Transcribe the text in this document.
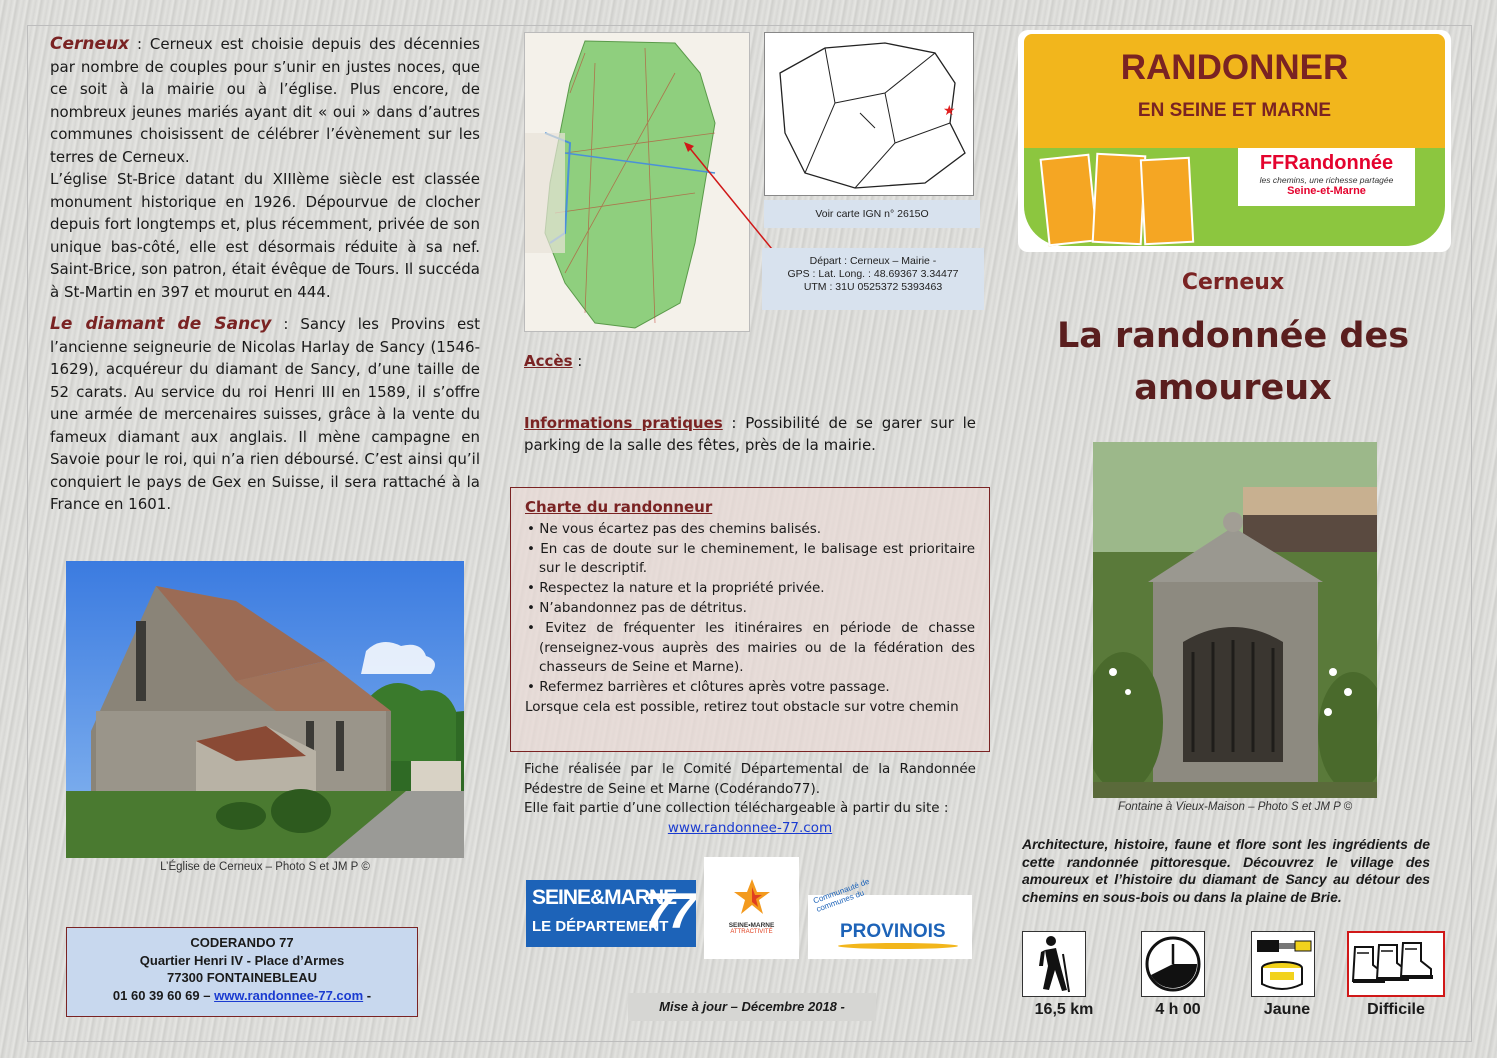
Cerneux : Cerneux est choisie depuis des décennies par nombre de couples pour s’unir en justes noces, que ce soit à la mairie ou à l’église. Plus encore, de nombreux jeunes mariés ayant dit « oui » dans d’autres communes choisissent de célébrer l’évènement sur les terres de Cerneux.

L’église St-Brice datant du XIIIème siècle est classée monument historique en 1926. Dépourvue de clocher depuis fort longtemps et, plus récemment, privée de son unique bas-côté, elle est désormais réduite à sa nef. Saint-Brice, son patron, était évêque de Tours. Il succéda à St-Martin en 397 et mourut en 444.

Le diamant de Sancy : Sancy les Provins est l’ancienne seigneurie de Nicolas Harlay de Sancy (1546-1629), acquéreur du diamant de Sancy, d’une taille de 52 carats. Au service du roi Henri III en 1589, il s’offre une armée de mercenaires suisses, grâce à la vente du fameux diamant aux anglais. Il mène campagne en Savoie pour le roi, qui n’a rien déboursé. C’est ainsi qu’il conquiert le pays de Gex en Suisse, il sera rattaché à la France en 1601.

L’Église de Cerneux – Photo S et JM P ©
CODERANDO 77
Quartier Henri IV - Place d’Armes
77300 FONTAINEBLEAU
01 60 39 60 69 – www.randonnee-77.com -
★
Voir carte IGN n° 2615O
Départ : Cerneux – Mairie -
GPS : Lat. Long. : 48.69367 3.34477
UTM : 31U 0525372 5393463
Accès :
Informations pratiques : Possibilité de se garer sur le parking de la salle des fêtes, près de la mairie.
Charte du randonneur
• Ne vous écartez pas des chemins balisés.
• En cas de doute sur le cheminement, le balisage est prioritaire sur le descriptif.
• Respectez la nature et la propriété privée.
• N’abandonnez pas de détritus.
• Evitez de fréquenter les itinéraires en période de chasse (renseignez-vous auprès des mairies ou de la fédération des chasseurs de Seine et Marne).
• Refermez barrières et clôtures après votre passage.
Lorsque cela est possible, retirez tout obstacle sur votre chemin
Fiche réalisée par le Comité Départemental de la Randonnée Pédestre de Seine et Marne (Codérando77).
Elle fait partie d’une collection téléchargeable à partir du site :
www.randonnee-77.com
SEINE&MARNE
LE DÉPARTEMENT
77	SEINE•MARNE
ATTRACTIVITÉ
Communauté de communes du
PROVINOIS
Mise à jour – Décembre 2018 -
RANDONNER
EN SEINE ET MARNE
FFRandonnée
les chemins, une richesse partagée
Seine-et-Marne
Cerneux
La randonnée des
amoureux
Fontaine à Vieux-Maison – Photo S et JM P ©
Architecture, histoire, faune et flore sont les ingrédients de cette randonnée pittoresque. Découvrez le village des amoureux et l’histoire du diamant de Sancy au détour des chemins en sous-bois ou dans la plaine de Brie.
16,5 km	4 h 00	Jaune	Difficile
